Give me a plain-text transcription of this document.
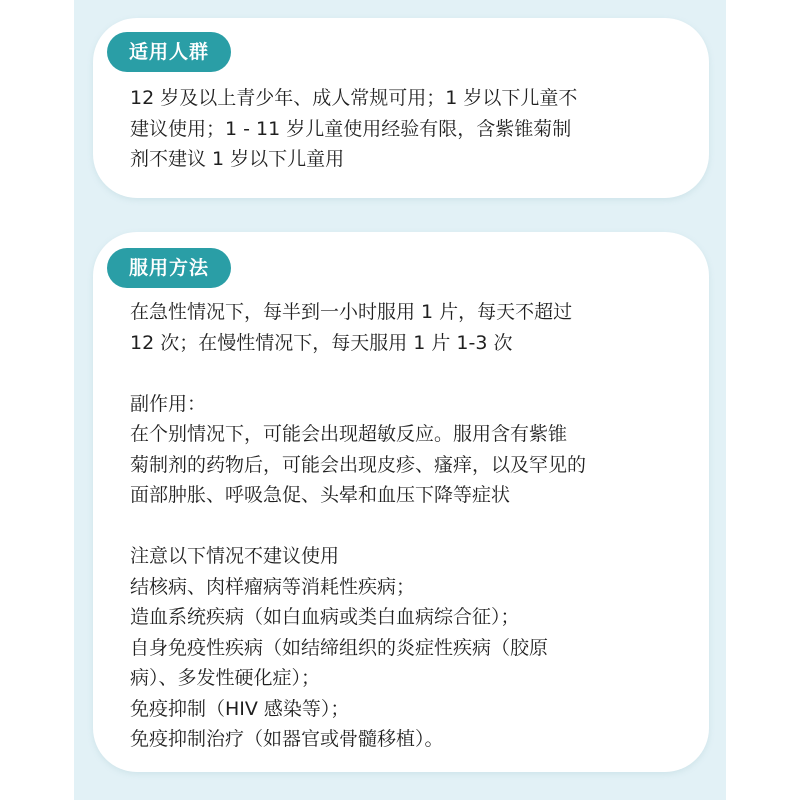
适用人群
12 岁及以上青少年、成人常规可用；1 岁以下儿童不
建议使用；1 - 11 岁儿童使用经验有限，含紫锥菊制
剂不建议 1 岁以下儿童用
服用方法
在急性情况下，每半到一小时服用 1 片，每天不超过
12 次；在慢性情况下，每天服用 1 片 1-3 次
副作用：
在个别情况下，可能会出现超敏反应。服用含有紫锥
菊制剂的药物后，可能会出现皮疹、瘙痒，以及罕见的
面部肿胀、呼吸急促、头晕和血压下降等症状
注意以下情况不建议使用
结核病、肉样瘤病等消耗性疾病；
造血系统疾病（如白血病或类白血病综合征）；
自身免疫性疾病（如结缔组织的炎症性疾病（胶原
病）、多发性硬化症）；
免疫抑制（HIV 感染等）；
免疫抑制治疗（如器官或骨髓移植）。
